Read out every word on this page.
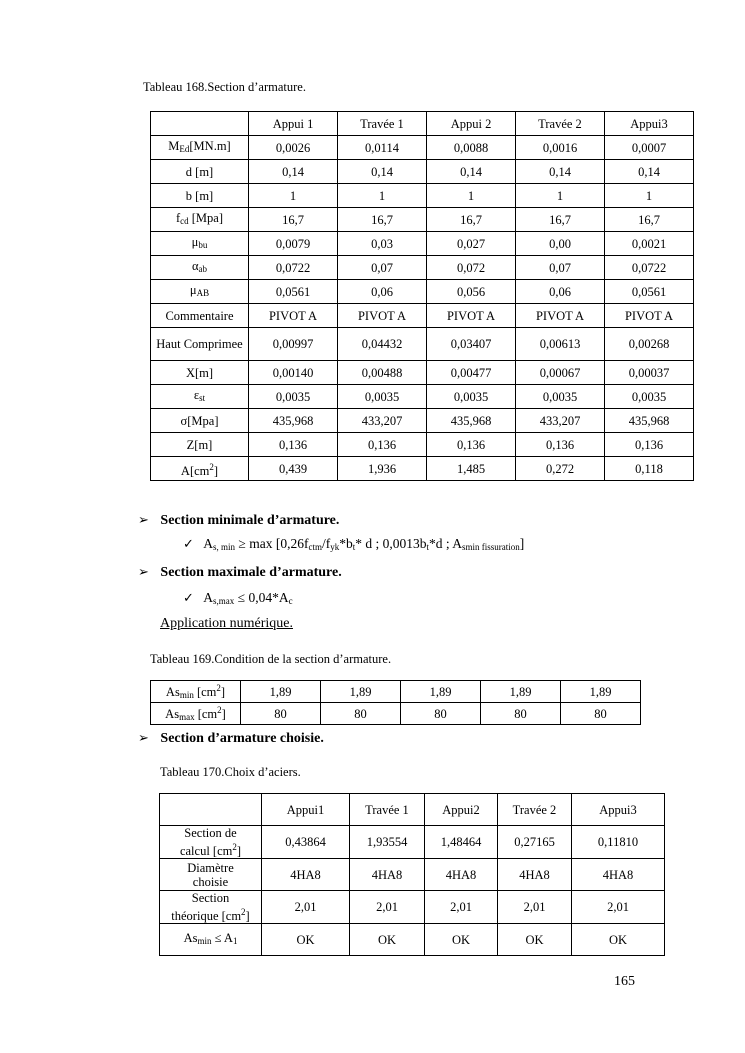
Tableau 168.Section d’armature.
	Appui 1	Travée 1	Appui 2	Travée 2	Appui3
$M_{Ed}[MN.m]$	0,0026	0,0114	0,0088	0,0016	0,0007
d [m]	0,14	0,14	0,14	0,14	0,14
b [m]	1	1	1	1	1
$f_{cd}$ [Mpa]	16,7	16,7	16,7	16,7	16,7
$\mu_{bu}$	0,0079	0,03	0,027	0,00	0,0021
$\alpha_{ab}$	0,0722	0,07	0,072	0,07	0,0722
$\mu_{AB}$	0,0561	0,06	0,056	0,06	0,0561
Commentaire	PIVOT A	PIVOT A	PIVOT A	PIVOT A	PIVOT A
Haut Comprimee	0,00997	0,04432	0,03407	0,00613	0,00268
X[m]	0,00140	0,00488	0,00477	0,00067	0,00037
$\varepsilon_{st}$	0,0035	0,0035	0,0035	0,0035	0,0035
σ[Mpa]	435,968	433,207	435,968	433,207	435,968
Z[m]	0,136	0,136	0,136	0,136	0,136
$A[cm^2]$	0,439	1,936	1,485	0,272	0,118
➢ Section minimale d’armature.
✓ $A_{s, min} \ge \max [0,26f_{ctm}/f_{yk}*b_t*$ d ; $0,0013b_t*d$ ; $A_{smin fissuration}$]
➢ Section maximale d’armature.
✓ $A_{s,max} \le 0,04*A_c$
Application numérique.
Tableau 169.Condition de la section d’armature.
$As_{min}$ $[cm^2]$	1,89	1,89	1,89	1,89	1,89
$As_{max}$ $[cm^2]$	80	80	80	80	80
➢ Section d’armature choisie.
Tableau 170.Choix d’aciers.
	Appui1	Travée 1	Appui2	Travée 2	Appui3
Section de
calcul $[cm^2]$	0,43864	1,93554	1,48464	0,27165	0,11810
Diamètre
choisie	4HA8	4HA8	4HA8	4HA8	4HA8
Section
théorique $[cm^2]$	2,01	2,01	2,01	2,01	2,01
$As_{min} \le A_1$	OK	OK	OK	OK	OK
165
